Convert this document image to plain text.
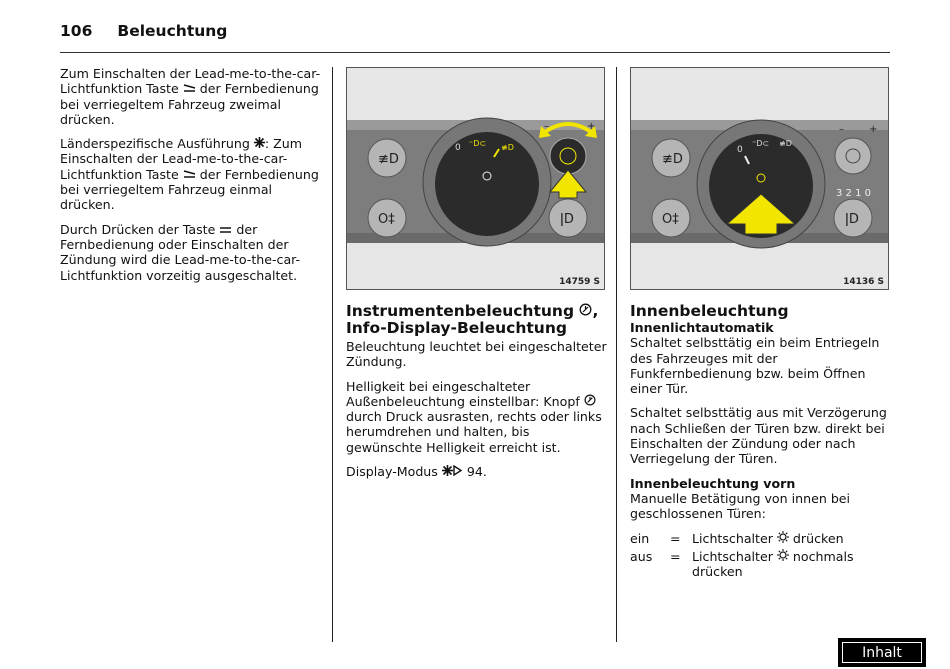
106 Beleuchtung

Zum Einschalten der Lead-me-to-the-car-Lichtfunktion Taste  der Fernbedienung bei verriegeltem Fahrzeug zweimal drücken.

Länderspezifische Ausführung : Zum Einschalten der Lead-me-to-the-car-Lichtfunktion Taste  der Fernbedienung bei verriegeltem Fahrzeug einmal drücken.

Durch Drücken der Taste  der Fernbedienung oder Einschalten der Zündung wird die Lead-me-to-the-car-Lichtfunktion vorzeitig ausgeschaltet.

≢D
O‡
0 ⁼D⊂ ≢D
ǀD
–	+
14759 S
Instrumentenbeleuchtung , Info-Display-Beleuchtung

Beleuchtung leuchtet bei eingeschalteter Zündung.

Helligkeit bei eingeschalteter Außenbeleuchtung einstellbar: Knopf  durch Druck ausrasten, rechts oder links herumdrehen und halten, bis gewünschte Helligkeit erreicht ist.

Display-Modus  94.

≢D
O‡
0
⁼D⊂ ≢D
ǀD
–	+
3 2 1 0
14136 S
Innenbeleuchtung
Innenlichtautomatik

Schaltet selbsttätig ein beim Entriegeln des Fahrzeuges mit der Funkfernbedienung bzw. beim Öffnen einer Tür.

Schaltet selbsttätig aus mit Verzögerung nach Schließen der Türen bzw. direkt bei Einschalten der Zündung oder nach Verriegelung der Türen.

Innenbeleuchtung vorn

Manuelle Betätigung von innen bei geschlossenen Türen:

ein	= Lichtschalter  drücken
aus	= Lichtschalter  nochmals drücken
Inhalt
